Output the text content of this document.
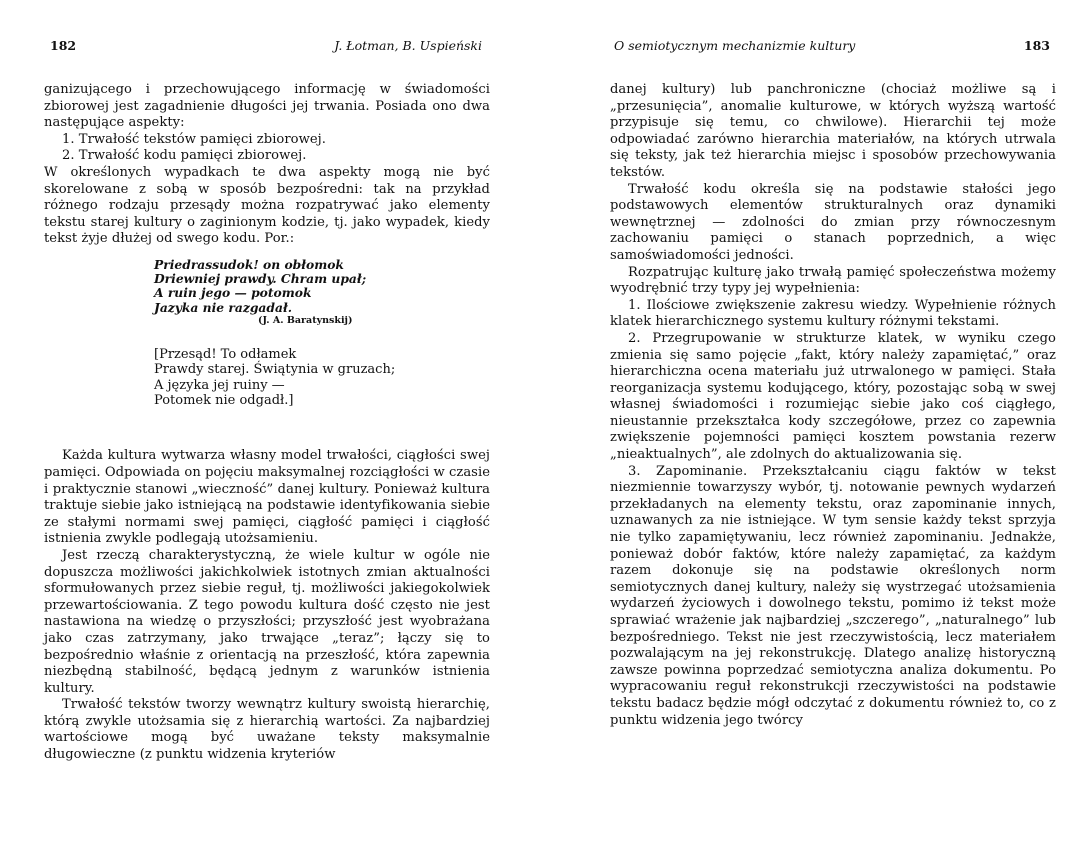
182	J. Łotman, B. Uspieński

ganizującego i przechowującego informację w świadomości zbiorowej jest zagadnienie długości jej trwania. Posiada ono dwa następujące aspekty:

1. Trwałość tekstów pamięci zbiorowej.

2. Trwałość kodu pamięci zbiorowej.

W określonych wypadkach te dwa aspekty mogą nie być skorelowane z sobą w sposób bezpośredni: tak na przykład różnego rodzaju przesądy można rozpatrywać jako elementy tekstu starej kultury o zaginionym kodzie, tj. jako wypadek, kiedy tekst żyje dłużej od swego kodu. Por.:

Priedrassudok! on obłomok
Driewniej prawdy. Chram upał;
A ruin jego — potomok
Jazyka nie razgadał.
(J. A. Baratynskij)
[Przesąd! To odłamek
Prawdy starej. Świątynia w gruzach;
A języka jej ruiny —
Potomek nie odgadł.]

Każda kultura wytwarza własny model trwałości, ciągłości swej pamięci. Odpowiada on pojęciu maksymalnej rozciągłości w czasie i praktycznie stanowi „wieczność” danej kultury. Ponieważ kultura traktuje siebie jako istniejącą na podstawie identyfikowania siebie ze stałymi normami swej pamięci, ciągłość pamięci i ciągłość istnienia zwykle podlegają utożsamieniu.

Jest rzeczą charakterystyczną, że wiele kultur w ogóle nie dopuszcza możliwości jakichkolwiek istotnych zmian aktualności sformułowanych przez siebie reguł, tj. możliwości jakiegokolwiek przewartościowania. Z tego powodu kultura dość często nie jest nastawiona na wiedzę o przyszłości; przyszłość jest wyobrażana jako czas zatrzymany, jako trwające „teraz”; łączy się to bezpośrednio właśnie z orientacją na przeszłość, która zapewnia niezbędną stabilność, będącą jednym z warunków istnienia kultury.

Trwałość tekstów tworzy wewnątrz kultury swoistą hierarchię, którą zwykle utożsamia się z hierarchią wartości. Za najbardziej wartościowe mogą być uważane teksty maksymalnie długowieczne (z punktu widzenia kryteriów

O semiotycznym mechanizmie kultury	183

danej kultury) lub panchroniczne (chociaż możliwe są i „przesunięcia”, anomalie kulturowe, w których wyższą wartość przypisuje się temu, co chwilowe). Hierarchii tej może odpowiadać zarówno hierarchia materiałów, na których utrwala się teksty, jak też hierarchia miejsc i sposobów przechowywania tekstów.

Trwałość kodu określa się na podstawie stałości jego podstawowych elementów strukturalnych oraz dynamiki wewnętrznej — zdolności do zmian przy równoczesnym zachowaniu pamięci o stanach poprzednich, a więc samoświadomości jedności.

Rozpatrując kulturę jako trwałą pamięć społeczeństwa możemy wyodrębnić trzy typy jej wypełnienia:

1. Ilościowe zwiększenie zakresu wiedzy. Wypełnienie różnych klatek hierarchicznego systemu kultury różnymi tekstami.

2. Przegrupowanie w strukturze klatek, w wyniku czego zmienia się samo pojęcie „fakt, który należy zapamiętać,” oraz hierarchiczna ocena materiału już utrwalonego w pamięci. Stała reorganizacja systemu kodującego, który, pozostając sobą w swej własnej świadomości i rozumiejąc siebie jako coś ciągłego, nieustannie przekształca kody szczegółowe, przez co zapewnia zwiększenie pojemności pamięci kosztem powstania rezerw „nieaktualnych”, ale zdolnych do aktualizowania się.

3. Zapominanie. Przekształcaniu ciągu faktów w tekst niezmiennie towarzyszy wybór, tj. notowanie pewnych wydarzeń przekładanych na elementy tekstu, oraz zapominanie innych, uznawanych za nie istniejące. W tym sensie każdy tekst sprzyja nie tylko zapamiętywaniu, lecz również zapominaniu. Jednakże, ponieważ dobór faktów, które należy zapamiętać, za każdym razem dokonuje się na podstawie określonych norm semiotycznych danej kultury, należy się wystrzegać utożsamienia wydarzeń życiowych i dowolnego tekstu, pomimo iż tekst może sprawiać wrażenie jak najbardziej „szczerego”, „naturalnego” lub bezpośredniego. Tekst nie jest rzeczywistością, lecz materiałem pozwalającym na jej rekonstrukcję. Dlatego analizę historyczną zawsze powinna poprzedzać semiotyczna analiza dokumentu. Po wypracowaniu reguł rekonstrukcji rzeczywistości na podstawie tekstu badacz będzie mógł odczytać z dokumentu również to, co z punktu widzenia jego twórcy
